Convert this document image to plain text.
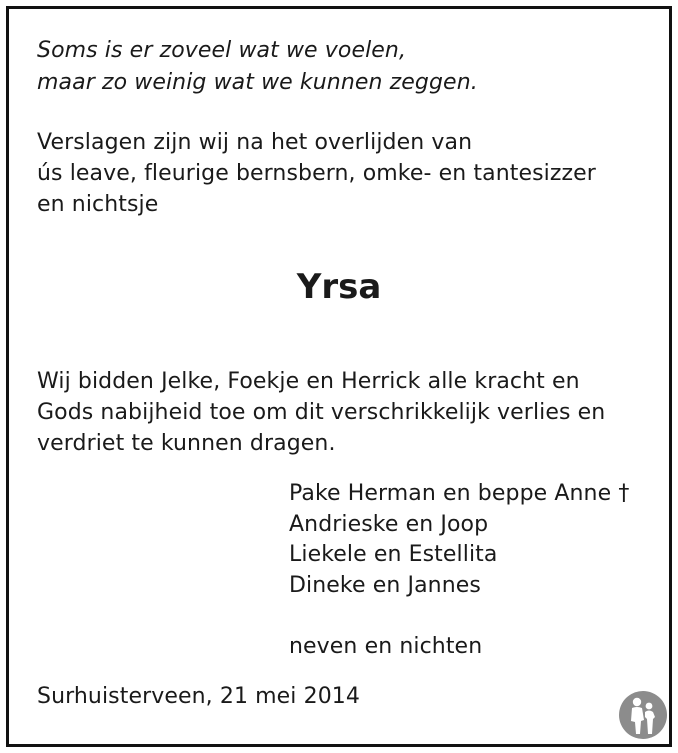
Soms is er zoveel wat we voelen,
maar zo weinig wat we kunnen zeggen.
Verslagen zijn wij na het overlijden van
ús leave, fleurige bernsbern, omke- en tantesizzer
en nichtsje
Yrsa
Wij bidden Jelke, Foekje en Herrick alle kracht en
Gods nabijheid toe om dit verschrikkelijk verlies en
verdriet te kunnen dragen.
Pake Herman en beppe Anne †
Andrieske en Joop
Liekele en Estellita
Dineke en Jannes
neven en nichten
Surhuisterveen, 21 mei 2014
